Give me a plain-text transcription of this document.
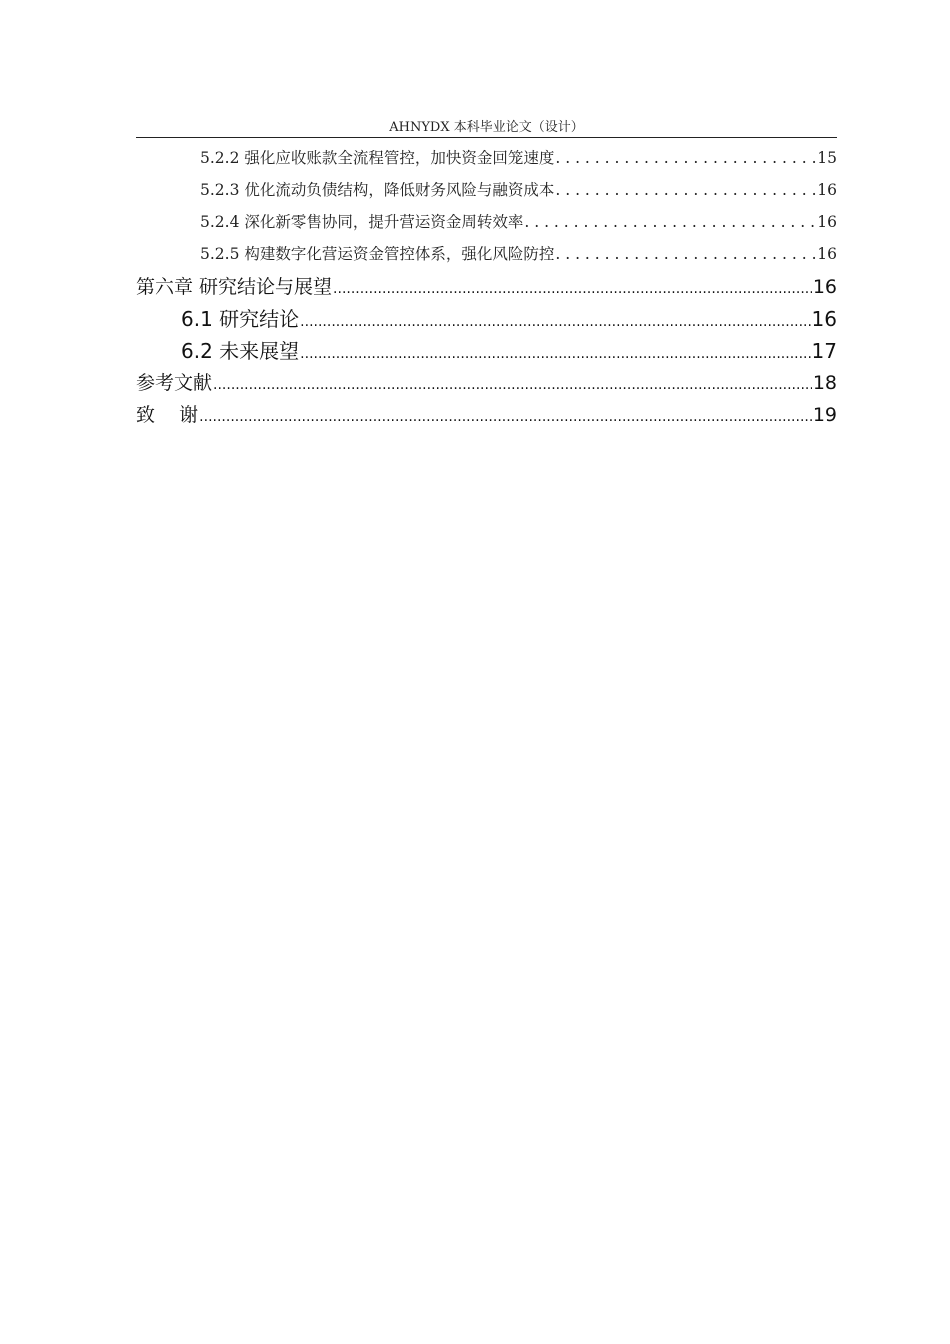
AHNYDX 本科毕业论文（设计）
5.2.2 强化应收账款全流程管控，加快资金回笼速度 . . .	15
5.2.3 优化流动负债结构，降低财务风险与融资成本 . . .	16
5.2.4 深化新零售协同，提升营运资金周转效率 . . .	16
5.2.5 构建数字化营运资金管控体系，强化风险防控 . . .	16
第六章 研究结论与展望 .....	16
6.1 研究结论 .....	16
6.2 未来展望 .....	17
参考文献 .....	18
致    谢 .....	19
